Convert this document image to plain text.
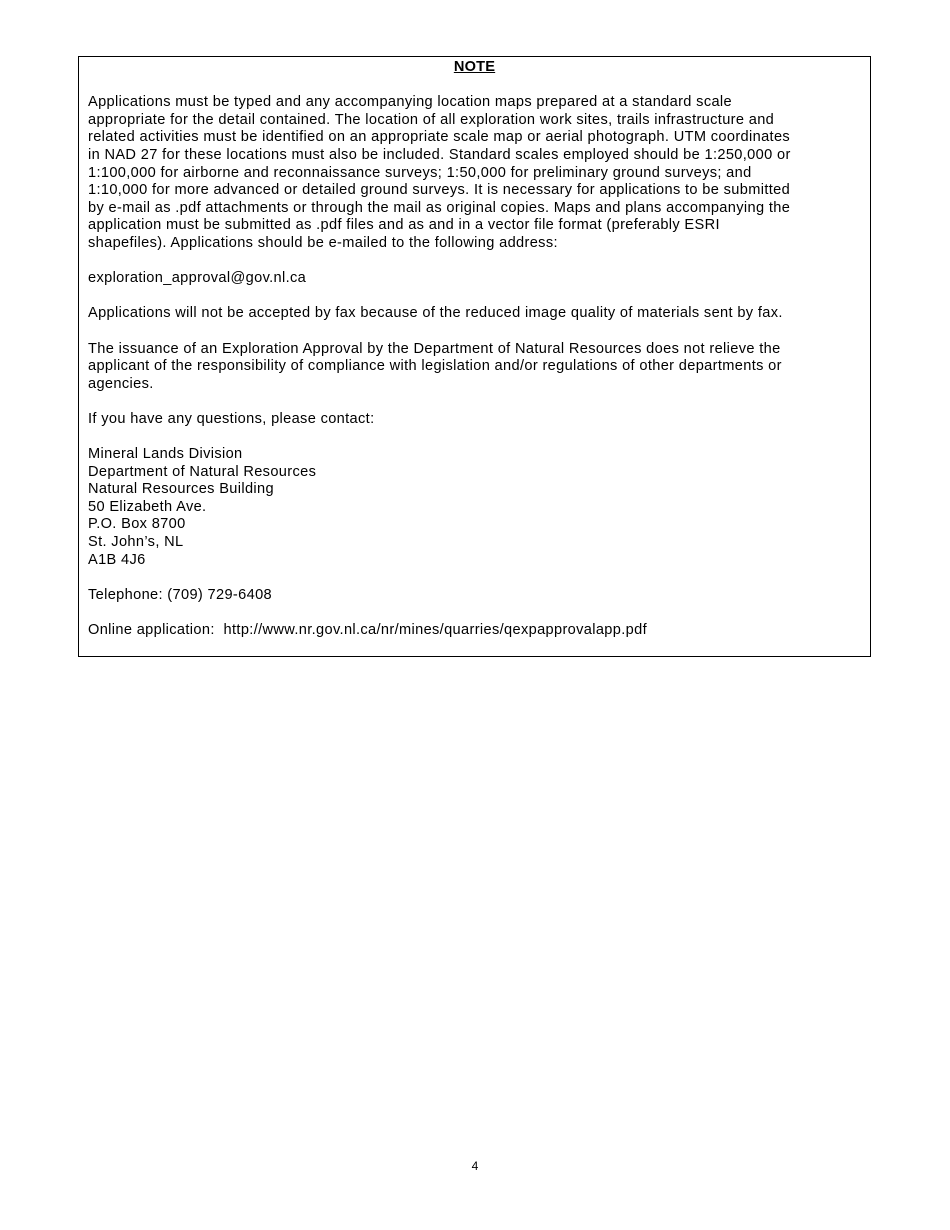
NOTE
Applications must be typed and any accompanying location maps prepared at a standard scale
appropriate for the detail contained. The location of all exploration work sites, trails infrastructure and
related activities must be identified on an appropriate scale map or aerial photograph. UTM coordinates
in NAD 27 for these locations must also be included. Standard scales employed should be 1:250,000 or
1:100,000 for airborne and reconnaissance surveys; 1:50,000 for preliminary ground surveys; and
1:10,000 for more advanced or detailed ground surveys. It is necessary for applications to be submitted
by e-mail as .pdf attachments or through the mail as original copies. Maps and plans accompanying the
application must be submitted as .pdf files and as and in a vector file format (preferably ESRI
shapefiles). Applications should be e-mailed to the following address:
exploration_approval@gov.nl.ca
Applications will not be accepted by fax because of the reduced image quality of materials sent by fax.
The issuance of an Exploration Approval by the Department of Natural Resources does not relieve the
applicant of the responsibility of compliance with legislation and/or regulations of other departments or
agencies.
If you have any questions, please contact:
Mineral Lands Division
Department of Natural Resources
Natural Resources Building
50 Elizabeth Ave.
P.O. Box 8700
St. John’s, NL
A1B 4J6
Telephone: (709) 729-6408
Online application: http://www.nr.gov.nl.ca/nr/mines/quarries/qexpapprovalapp.pdf
4
